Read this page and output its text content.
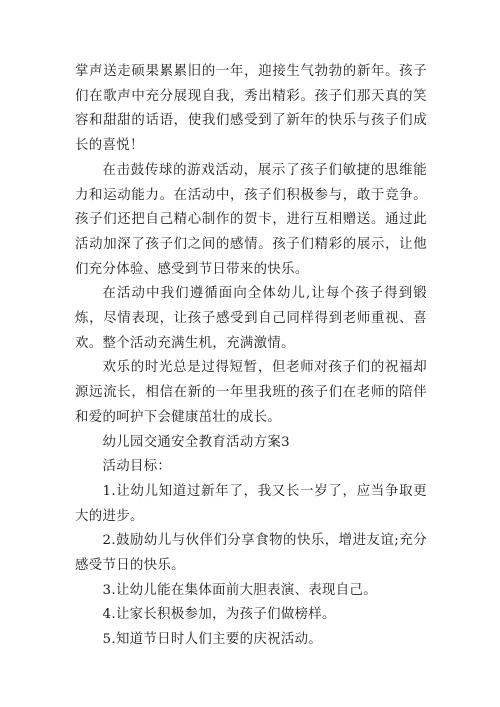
掌声送走硕果累累旧的一年，迎接生气勃勃的新年。孩子们在歌声中充分展现自我，秀出精彩。孩子们那天真的笑容和甜甜的话语，使我们感受到了新年的快乐与孩子们成长的喜悦！

在击鼓传球的游戏活动，展示了孩子们敏捷的思维能力和运动能力。在活动中，孩子们积极参与，敢于竞争。孩子们还把自己精心制作的贺卡，进行互相赠送。通过此活动加深了孩子们之间的感情。孩子们精彩的展示，让他们充分体验、感受到节日带来的快乐。

在活动中我们遵循面向全体幼儿,让每个孩子得到锻炼，尽情表现，让孩子感受到自己同样得到老师重视、喜欢。整个活动充满生机，充满激情。

欢乐的时光总是过得短暂，但老师对孩子们的祝福却源远流长，相信在新的一年里我班的孩子们在老师的陪伴和爱的呵护下会健康茁壮的成长。

幼儿园交通安全教育活动方案3

活动目标：

1.让幼儿知道过新年了，我又长一岁了，应当争取更大的进步。

2.鼓励幼儿与伙伴们分享食物的快乐，增进友谊;充分感受节日的快乐。

3.让幼儿能在集体面前大胆表演、表现自己。

4.让家长积极参加，为孩子们做榜样。

5.知道节日时人们主要的庆祝活动。
